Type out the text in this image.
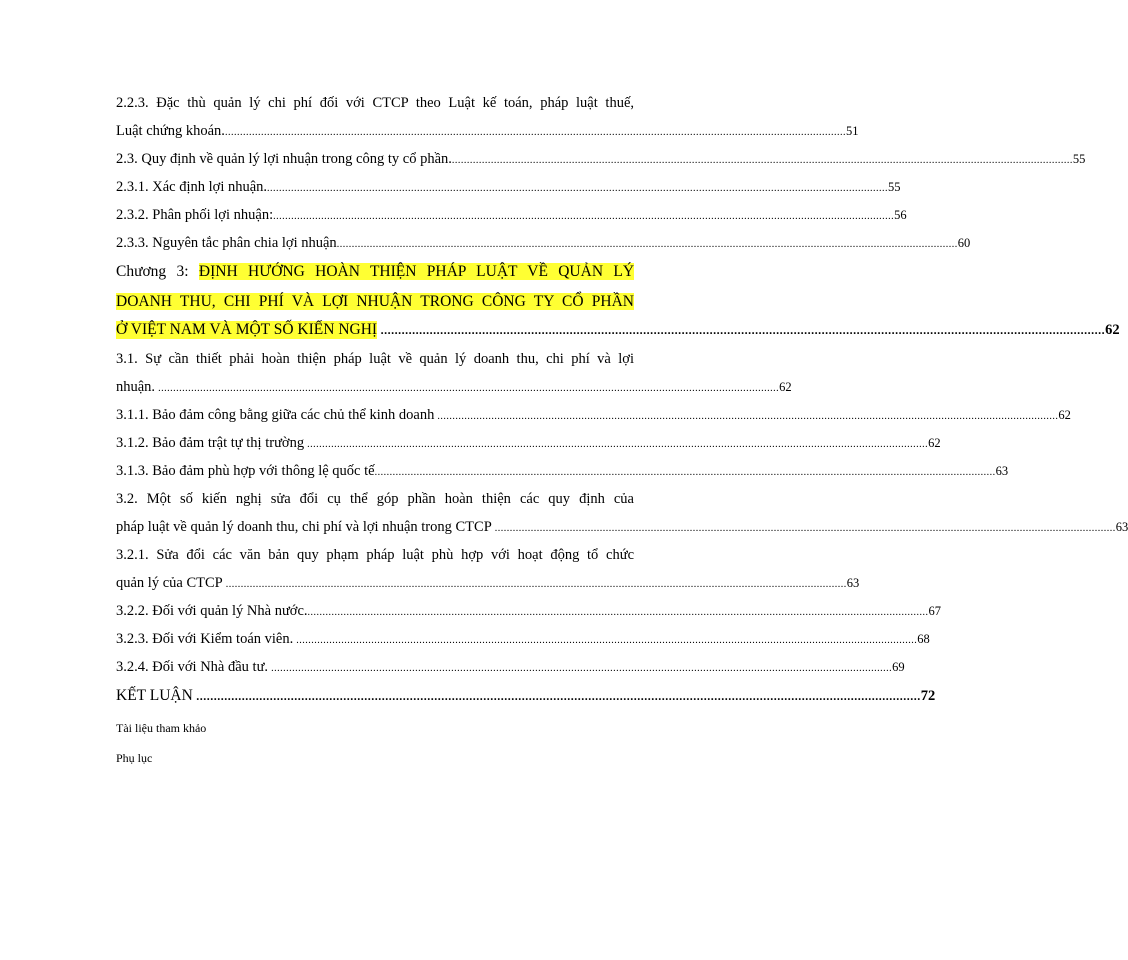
2.2.3. Đặc thù quản lý chi phí đối với CTCP theo Luật kế toán, pháp luật thuế,
Luật chứng khoán. ............................................................................................................................................................................................................... 51
2.3. Quy định về quản lý lợi nhuận trong công ty cổ phần. ............................................................................................................................................................................................................... 55
2.3.1. Xác định lợi nhuận. ............................................................................................................................................................................................................... 55
2.3.2. Phân phối lợi nhuận: ............................................................................................................................................................................................................... 56
2.3.3. Nguyên tắc phân chia lợi nhuận ............................................................................................................................................................................................................... 60
Chương 3: ĐỊNH HƯỚNG HOÀN THIỆN PHÁP LUẬT VỀ QUẢN LÝ
DOANH THU, CHI PHÍ VÀ LỢI NHUẬN TRONG CÔNG TY CỔ PHẦN
Ở VIỆT NAM VÀ MỘT SỐ KIẾN NGHỊ ............................................................................................................................................................................................................... 62
3.1. Sự cần thiết phải hoàn thiện pháp luật về quản lý doanh thu, chi phí và lợi
nhuận. ............................................................................................................................................................................................................... 62
3.1.1. Bảo đảm công bằng giữa các chủ thể kinh doanh ............................................................................................................................................................................................................... 62
3.1.2. Bảo đảm trật tự thị trường ............................................................................................................................................................................................................... 62
3.1.3. Bảo đảm phù hợp với thông lệ quốc tế ............................................................................................................................................................................................................... 63
3.2. Một số kiến nghị sửa đổi cụ thể góp phần hoàn thiện các quy định của
pháp luật về quản lý doanh thu, chi phí và lợi nhuận trong CTCP ............................................................................................................................................................................................................... 63
3.2.1. Sửa đổi các văn bản quy phạm pháp luật phù hợp với hoạt động tổ chức
quản lý của CTCP ............................................................................................................................................................................................................... 63
3.2.2. Đối với quản lý Nhà nước. ............................................................................................................................................................................................................... 67
3.2.3. Đối với Kiểm toán viên. ............................................................................................................................................................................................................... 68
3.2.4. Đối với Nhà đầu tư. ............................................................................................................................................................................................................... 69
KẾT LUẬN ............................................................................................................................................................................................................... 72
Tài liệu tham khảo
Phụ lục
